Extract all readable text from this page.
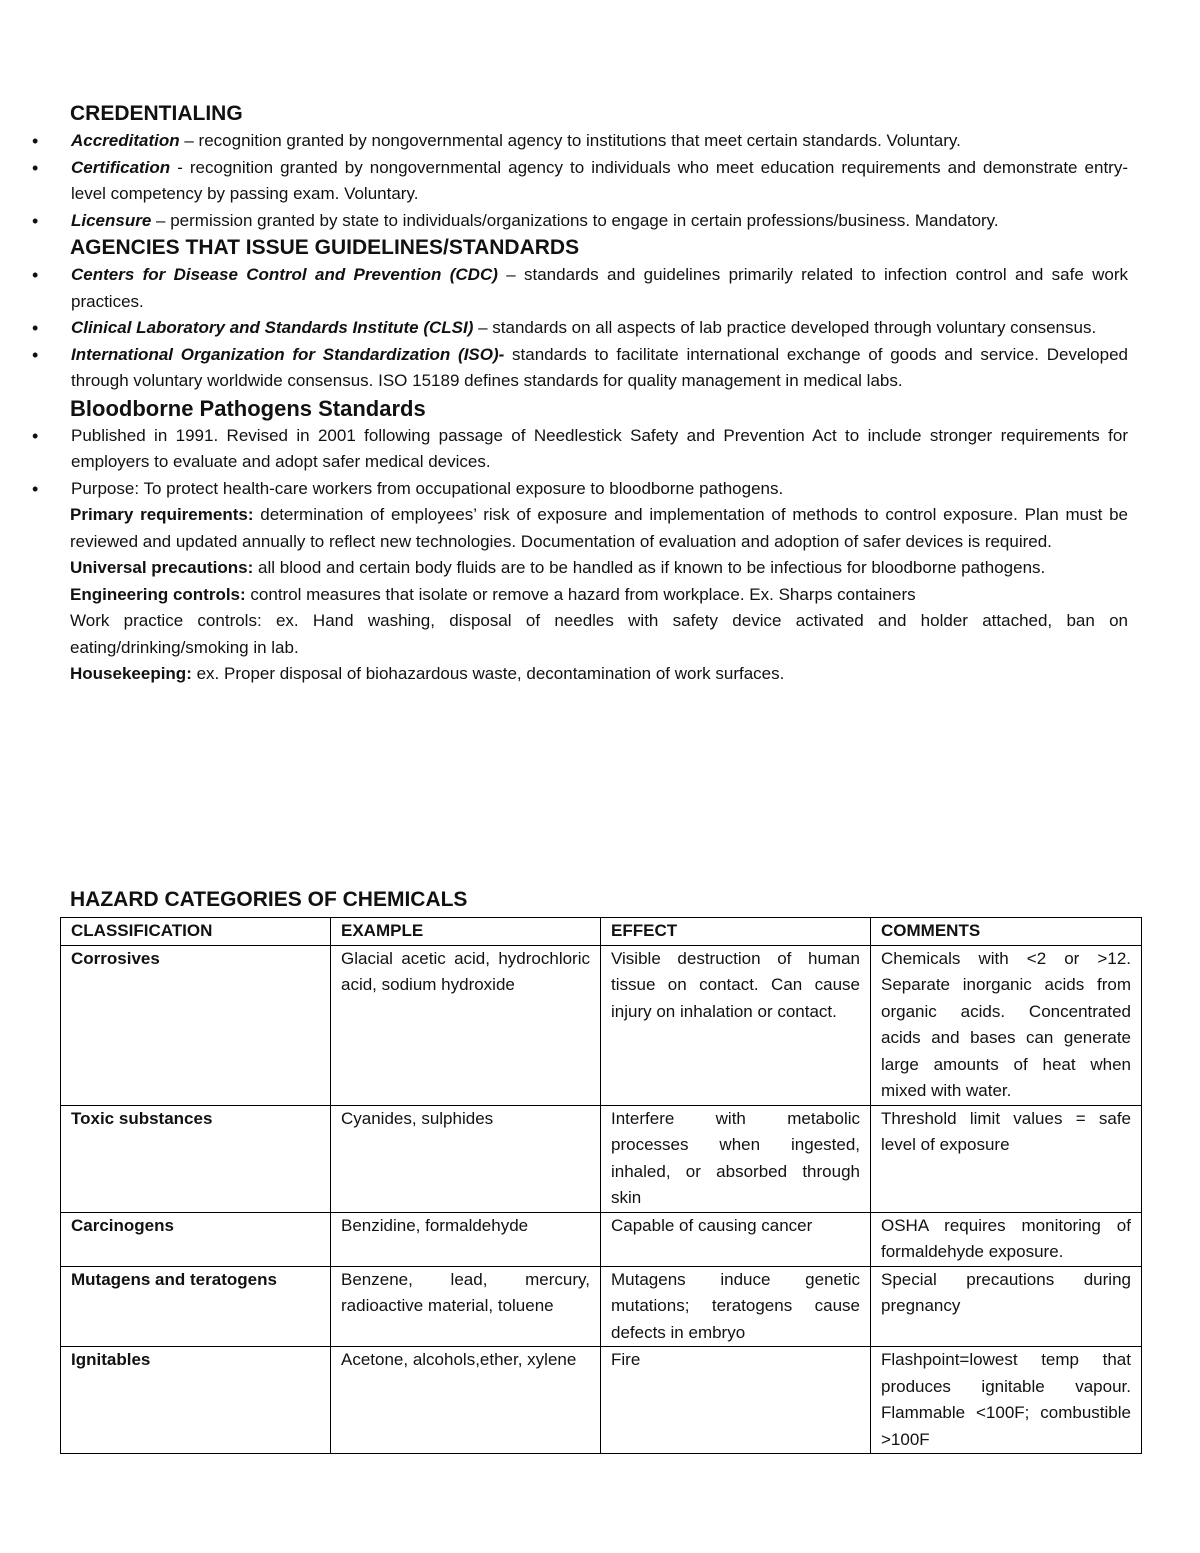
CREDENTIALING
• Accreditation – recognition granted by nongovernmental agency to institutions that meet certain standards. Voluntary.
• Certification - recognition granted by nongovernmental agency to individuals who meet education requirements and demonstrate entry-level competency by passing exam. Voluntary.
• Licensure – permission granted by state to individuals/organizations to engage in certain professions/business. Mandatory.
AGENCIES THAT ISSUE GUIDELINES/STANDARDS
• Centers for Disease Control and Prevention (CDC) – standards and guidelines primarily related to infection control and safe work practices.
• Clinical Laboratory and Standards Institute (CLSI) – standards on all aspects of lab practice developed through voluntary consensus.
• International Organization for Standardization (ISO)- standards to facilitate international exchange of goods and service. Developed through voluntary worldwide consensus. ISO 15189 defines standards for quality management in medical labs.
Bloodborne Pathogens Standards
• Published in 1991. Revised in 2001 following passage of Needlestick Safety and Prevention Act to include stronger requirements for employers to evaluate and adopt safer medical devices.
• Purpose: To protect health-care workers from occupational exposure to bloodborne pathogens.

Primary requirements: determination of employees’ risk of exposure and implementation of methods to control exposure. Plan must be reviewed and updated annually to reflect new technologies. Documentation of evaluation and adoption of safer devices is required.

Universal precautions: all blood and certain body fluids are to be handled as if known to be infectious for bloodborne pathogens.

Engineering controls: control measures that isolate or remove a hazard from workplace. Ex. Sharps containers

Work practice controls: ex. Hand washing, disposal of needles with safety device activated and holder attached, ban on eating/drinking/smoking in lab.

Housekeeping: ex. Proper disposal of biohazardous waste, decontamination of work surfaces.

HAZARD CATEGORIES OF CHEMICALS
CLASSIFICATION	EXAMPLE	EFFECT	COMMENTS
Corrosives	Glacial acetic acid, hydrochloric acid, sodium hydroxide	Visible destruction of human tissue on contact. Can cause injury on inhalation or contact.	Chemicals with <2 or >12. Separate inorganic acids from organic acids. Concentrated acids and bases can generate large amounts of heat when mixed with water.
Toxic substances	Cyanides, sulphides	Interfere with metabolic processes when ingested, inhaled, or absorbed through skin	Threshold limit values = safe level of exposure
Carcinogens	Benzidine, formaldehyde	Capable of causing cancer	OSHA requires monitoring of formaldehyde exposure.
Mutagens and teratogens	Benzene, lead, mercury, radioactive material, toluene	Mutagens induce genetic mutations; teratogens cause defects in embryo	Special precautions during pregnancy
Ignitables	Acetone, alcohols,ether, xylene	Fire	Flashpoint=lowest temp that produces ignitable vapour. Flammable <100F; combustible >100F
